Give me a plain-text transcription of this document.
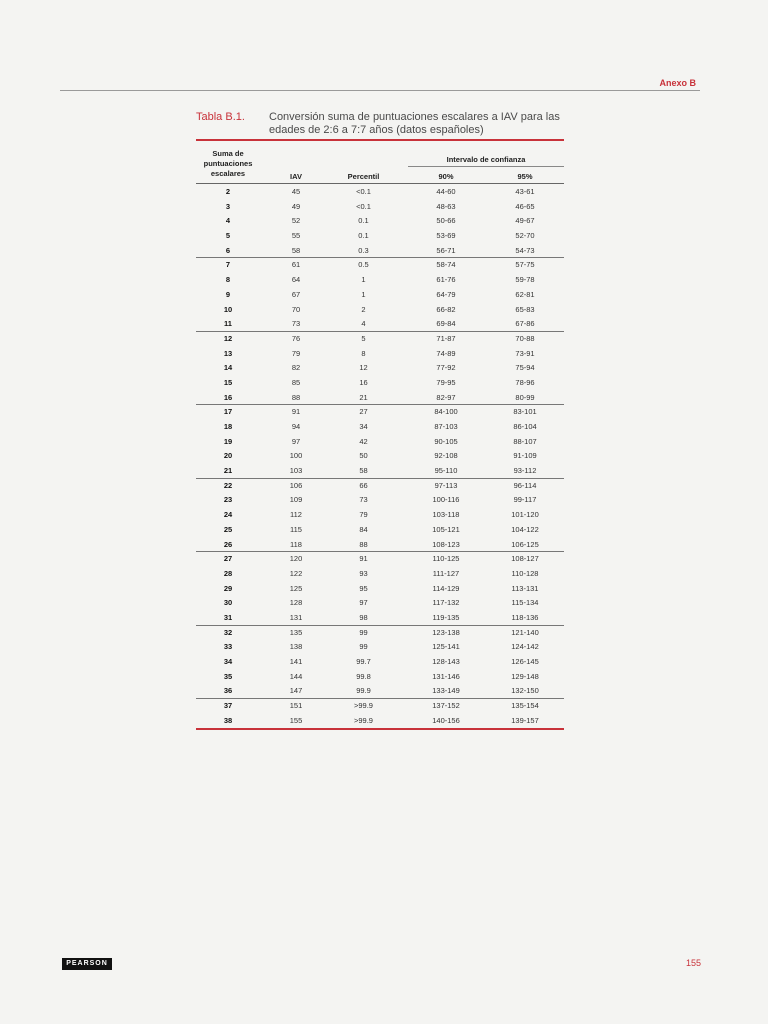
Anexo B
Tabla B.1. Conversión suma de puntuaciones escalares a IAV para las edades de 2:6 a 7:7 años (datos españoles)
Suma de
puntuaciones
escalares	IAV	Percentil
Intervalo de confianza
90%	95%
2	45	<0.1	44-60	43-61
3	49	<0.1	48-63	46-65
4	52	0.1	50-66	49-67
5	55	0.1	53-69	52-70
6	58	0.3	56-71	54-73
7	61	0.5	58-74	57-75
8	64	1	61-76	59-78
9	67	1	64-79	62-81
10	70	2	66-82	65-83
11	73	4	69-84	67-86
12	76	5	71-87	70-88
13	79	8	74-89	73-91
14	82	12	77-92	75-94
15	85	16	79-95	78-96
16	88	21	82-97	80-99
17	91	27	84-100	83-101
18	94	34	87-103	86-104
19	97	42	90-105	88-107
20	100	50	92-108	91-109
21	103	58	95-110	93-112
22	106	66	97-113	96-114
23	109	73	100-116	99-117
24	112	79	103-118	101-120
25	115	84	105-121	104-122
26	118	88	108-123	106-125
27	120	91	110-125	108-127
28	122	93	111-127	110-128
29	125	95	114-129	113-131
30	128	97	117-132	115-134
31	131	98	119-135	118-136
32	135	99	123-138	121-140
33	138	99	125-141	124-142
34	141	99.7	128-143	126-145
35	144	99.8	131-146	129-148
36	147	99.9	133-149	132-150
37	151	>99.9	137-152	135-154
38	155	>99.9	140-156	139-157
PEARSON	155
